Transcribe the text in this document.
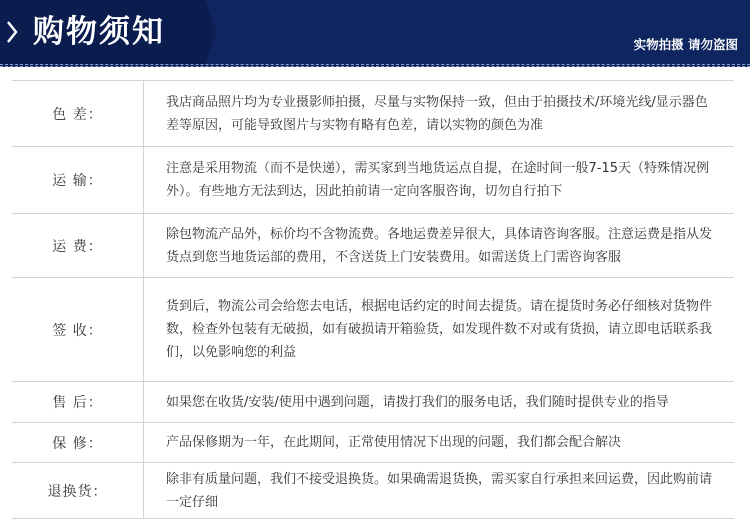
购物须知	实物拍摄 请勿盗图
色 差：
我店商品照片均为专业摄影师拍摄，尽量与实物保持一致，但由于拍摄技术/环境光线/显示器色差等原因，可能导致图片与实物有略有色差，请以实物的颜色为准
运 输：
注意是采用物流（而不是快递），需买家到当地货运点自提，在途时间一般7-15天（特殊情况例外）。有些地方无法到达，因此拍前请一定向客服咨询，切勿自行拍下
运 费：
除包物流产品外，标价均不含物流费。各地运费差异很大，具体请咨询客服。注意运费是指从发货点到您当地货运部的费用，不含送货上门安装费用。如需送货上门需咨询客服
签 收：
货到后，物流公司会给您去电话，根据电话约定的时间去提货。请在提货时务必仔细核对货物件数，检查外包装有无破损，如有破损请开箱验货，如发现件数不对或有货损，请立即电话联系我们，以免影响您的利益
售 后：	如果您在收货/安装/使用中遇到问题，请拨打我们的服务电话，我们随时提供专业的指导
保 修：	产品保修期为一年，在此期间，正常使用情况下出现的问题，我们都会配合解决
退换货：
除非有质量问题，我们不接受退换货。如果确需退货换，需买家自行承担来回运费，因此购前请一定仔细
